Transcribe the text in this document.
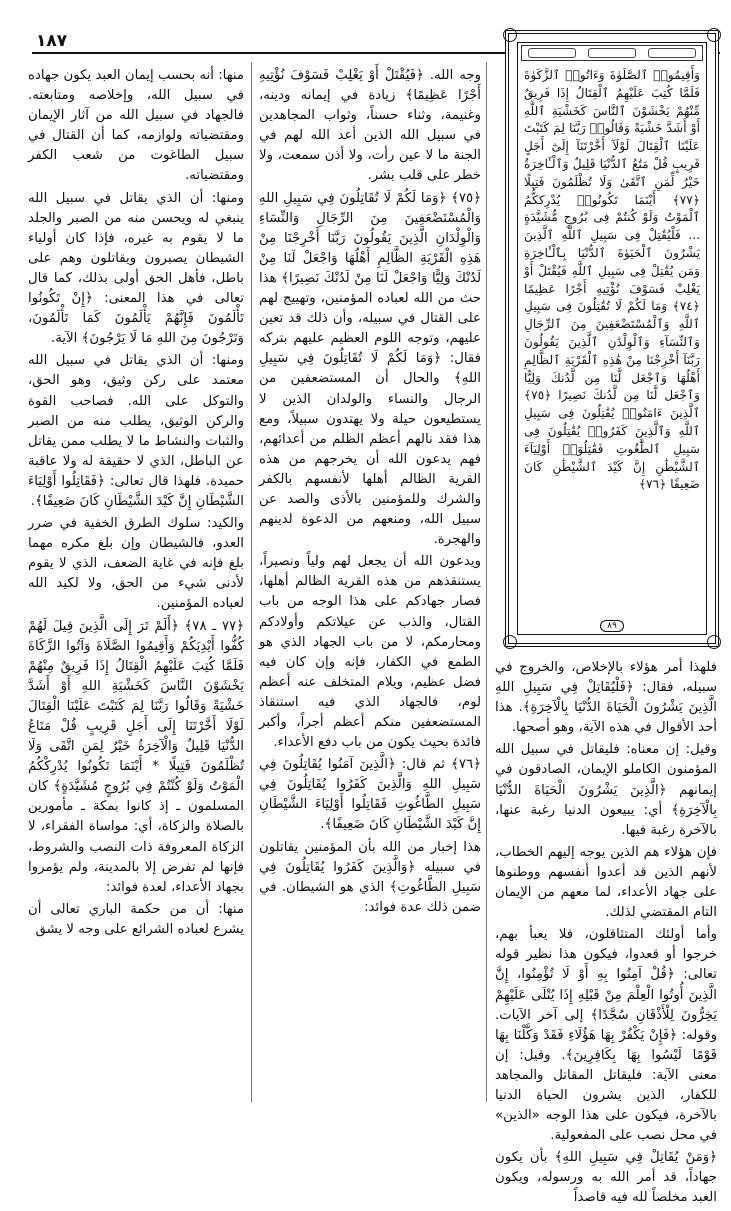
١٨٧
وَأَقِيمُوا۟ ٱلصَّلَوٰةَ وَءَاتُوا۟ ٱلزَّكَوٰةَ فَلَمَّا كُتِبَ عَلَيْهِمُ ٱلْقِتَالُ إِذَا فَرِيقٌ مِّنْهُمْ يَخْشَوْنَ ٱلنَّاسَ كَخَشْيَةِ ٱللَّهِ أَوْ أَشَدَّ خَشْيَةً وَقَالُوا۟ رَبَّنَا لِمَ كَتَبْتَ عَلَيْنَا ٱلْقِتَالَ لَوْلَآ أَخَّرْتَنَآ إِلَىٰٓ أَجَلٍ قَرِيبٍ قُلْ مَتَٰعُ ٱلدُّنْيَا قَلِيلٌ وَٱلْـَٔاخِرَةُ خَيْرٌ لِّمَنِ ٱتَّقَىٰ وَلَا تُظْلَمُونَ فَتِيلًا ﴿٧٧﴾ أَيْنَمَا تَكُونُوا۟ يُدْرِككُّمُ ٱلْمَوْتُ وَلَوْ كُنتُمْ فِى بُرُوجٍ مُّشَيَّدَةٍ ... فَلْيُقَٰتِلْ فِى سَبِيلِ ٱللَّهِ ٱلَّذِينَ يَشْرُونَ ٱلْحَيَوٰةَ ٱلدُّنْيَا بِٱلْـَٔاخِرَةِ وَمَن يُقَٰتِلْ فِى سَبِيلِ ٱللَّهِ فَيُقْتَلْ أَوْ يَغْلِبْ فَسَوْفَ نُؤْتِيهِ أَجْرًا عَظِيمًا ﴿٧٤﴾ وَمَا لَكُمْ لَا تُقَٰتِلُونَ فِى سَبِيلِ ٱللَّهِ وَٱلْمُسْتَضْعَفِينَ مِنَ ٱلرِّجَالِ وَٱلنِّسَآءِ وَٱلْوِلْدَٰنِ ٱلَّذِينَ يَقُولُونَ رَبَّنَآ أَخْرِجْنَا مِنْ هَٰذِهِ ٱلْقَرْيَةِ ٱلظَّالِمِ أَهْلُهَا وَٱجْعَل لَّنَا مِن لَّدُنكَ وَلِيًّا وَٱجْعَل لَّنَا مِن لَّدُنكَ نَصِيرًا ﴿٧٥﴾ ٱلَّذِينَ ءَامَنُوا۟ يُقَٰتِلُونَ فِى سَبِيلِ ٱللَّهِ وَٱلَّذِينَ كَفَرُوا۟ يُقَٰتِلُونَ فِى سَبِيلِ ٱلطَّٰغُوتِ فَقَٰتِلُوٓا۟ أَوْلِيَآءَ ٱلشَّيْطَٰنِ إِنَّ كَيْدَ ٱلشَّيْطَٰنِ كَانَ ضَعِيفًا ﴿٧٦﴾
٨٩

فلهذا أمر هؤلاء بالإخلاص، والخروج في سبيله، فقال: ﴿فَلْيُقَاتِلْ فِي سَبِيلِ اللهِ الَّذِينَ يَشْرُونَ الْحَيَاةَ الدُّنْيَا بِالْآخِرَةِ﴾. هذا أحد الأقوال في هذه الآية، وهو أصحها.

وقيل: إن معناه: فليقاتل في سبيل الله المؤمنون الكاملو الإيمان، الصادقون في إيمانهم ﴿الَّذِينَ يَشْرُونَ الْحَيَاةَ الدُّنْيَا بِالْآخِرَةِ﴾ أي: يبيعون الدنيا رغبة عنها، بالآخرة رغبة فيها.

فإن هؤلاء هم الذين يوجه إليهم الخطاب، لأنهم الذين قد أعدوا أنفسهم ووطنوها على جهاد الأعداء، لما معهم من الإيمان التام المقتضي لذلك.

وأما أولئك المتثاقلون، فلا يعبأ بهم، خرجوا أو قعدوا، فيكون هذا نظير قوله تعالى: ﴿قُلْ آمِنُوا بِهِ أَوْ لَا تُؤْمِنُوا، إِنَّ الَّذِينَ أُوتُوا الْعِلْمَ مِنْ قَبْلِهِ إِذَا يُتْلَى عَلَيْهِمْ يَخِرُّونَ لِلْأَذْقَانِ سُجَّدًا﴾ إلى آخر الآيات. وقوله: ﴿فَإِنْ يَكْفُرْ بِهَا هَؤُلَاءِ فَقَدْ وَكَّلْنَا بِهَا قَوْمًا لَيْسُوا بِهَا بِكَافِرِينَ﴾. وقيل: إن معنى الآية: فليقاتل المقاتل والمجاهد للكفار، الذين يشرون الحياة الدنيا بالآخرة، فيكون على هذا الوجه «الذين» في محل نصب على المفعولية.

﴿وَمَنْ يُقَاتِلْ فِي سَبِيلِ اللهِ﴾ بأن يكون جهاداً، قد أمر الله به ورسوله، ويكون العبد مخلصاً لله فيه قاصداً

وجه الله. ﴿فَيُقْتَلْ أَوْ يَغْلِبْ فَسَوْفَ نُؤْتِيهِ أَجْرًا عَظِيمًا﴾ زيادة في إيمانه ودينه، وغنيمة، وثناء حسناً، وثواب المجاهدين في سبيل الله الذين أعد الله لهم في الجنة ما لا عين رأت، ولا أذن سمعت، ولا خطر على قلب بشر.

﴿٧٥﴾ ﴿وَمَا لَكُمْ لَا تُقَاتِلُونَ فِي سَبِيلِ اللهِ وَالْمُسْتَضْعَفِينَ مِنَ الرِّجَالِ وَالنِّسَاءِ وَالْوِلْدَانِ الَّذِينَ يَقُولُونَ رَبَّنَا أَخْرِجْنَا مِنْ هَذِهِ الْقَرْيَةِ الظَّالِمِ أَهْلُهَا وَاجْعَلْ لَنَا مِنْ لَدُنْكَ وَلِيًّا وَاجْعَلْ لَنَا مِنْ لَدُنْكَ نَصِيرًا﴾ هذا حث من الله لعباده المؤمنين، وتهييج لهم على القتال في سبيله، وأن ذلك قد تعين عليهم، وتوجه اللوم العظيم عليهم بتركه فقال: ﴿وَمَا لَكُمْ لَا تُقَاتِلُونَ فِي سَبِيلِ اللهِ﴾ والحال أن المستضعفين من الرجال والنساء والولدان الذين لا يستطيعون حيلة ولا يهتدون سبيلاً، ومع هذا فقد نالهم أعظم الظلم من أعدائهم، فهم يدعون الله أن يخرجهم من هذه القرية الظالم أهلها لأنفسهم بالكفر والشرك وللمؤمنين بالأذى والصد عن سبيل الله، ومنعهم من الدعوة لدينهم والهجرة.

ويدعون الله أن يجعل لهم ولياً ونصيراً، يستنقذهم من هذه القرية الظالم أهلها، فصار جهادكم على هذا الوجه من باب القتال، والذب عن عيلاتكم وأولادكم ومحارمكم، لا من باب الجهاد الذي هو الطمع في الكفار، فإنه وإن كان فيه فضل عظيم، ويلام المتخلف عنه أعظم لوم، فالجهاد الذي فيه استنقاذ المستضعفين منكم أعظم أجراً، وأكبر فائدة بحيث يكون من باب دفع الأعداء.

﴿٧٦﴾ ثم قال: ﴿الَّذِينَ آمَنُوا يُقَاتِلُونَ فِي سَبِيلِ اللهِ وَالَّذِينَ كَفَرُوا يُقَاتِلُونَ فِي سَبِيلِ الطَّاغُوتِ فَقَاتِلُوا أَوْلِيَاءَ الشَّيْطَانِ إِنَّ كَيْدَ الشَّيْطَانِ كَانَ ضَعِيفًا﴾.

هذا إخبار من الله بأن المؤمنين يقاتلون في سبيله ﴿وَالَّذِينَ كَفَرُوا يُقَاتِلُونَ فِي سَبِيلِ الطَّاغُوتِ﴾ الذي هو الشيطان. في ضمن ذلك عدة فوائد:

منها: أنه بحسب إيمان العبد يكون جهاده في سبيل الله، وإخلاصه ومتابعته. فالجهاد في سبيل الله من آثار الإيمان ومقتضياته ولوازمه، كما أن القتال في سبيل الطاغوت من شعب الكفر ومقتضياته.

ومنها: أن الذي يقاتل في سبيل الله ينبغي له ويحسن منه من الصبر والجلد ما لا يقوم به غيره، فإذا كان أولياء الشيطان يصبرون ويقاتلون وهم على باطل، فأهل الحق أولى بذلك، كما قال تعالى في هذا المعنى: ﴿إِنْ تَكُونُوا تَأْلَمُونَ فَإِنَّهُمْ يَأْلَمُونَ كَمَا تَأْلَمُونَ، وَتَرْجُونَ مِنَ اللهِ مَا لَا يَرْجُونَ﴾ الآية.

ومنها: أن الذي يقاتل في سبيل الله معتمد على ركن وثيق، وهو الحق، والتوكل على الله. فصاحب القوة والركن الوثيق، يطلب منه من الصبر والثبات والنشاط ما لا يطلب ممن يقاتل عن الباطل، الذي لا حقيقة له ولا عاقبة حميدة. فلهذا قال تعالى: ﴿فَقَاتِلُوا أَوْلِيَاءَ الشَّيْطَانِ إِنَّ كَيْدَ الشَّيْطَانِ كَانَ ضَعِيفًا﴾.

والكيد: سلوك الطرق الخفية في ضرر العدو، فالشيطان وإن بلغ مكره مهما بلغ فإنه في غاية الضعف، الذي لا يقوم لأدنى شيء من الحق، ولا لكيد الله لعباده المؤمنين.

﴿٧٧ ـ ٧٨﴾ ﴿أَلَمْ تَرَ إِلَى الَّذِينَ قِيلَ لَهُمْ كُفُّوا أَيْدِيَكُمْ وَأَقِيمُوا الصَّلَاةَ وَآتُوا الزَّكَاةَ فَلَمَّا كُتِبَ عَلَيْهِمُ الْقِتَالُ إِذَا فَرِيقٌ مِنْهُمْ يَخْشَوْنَ النَّاسَ كَخَشْيَةِ اللهِ أَوْ أَشَدَّ خَشْيَةً وَقَالُوا رَبَّنَا لِمَ كَتَبْتَ عَلَيْنَا الْقِتَالَ لَوْلَا أَخَّرْتَنَا إِلَى أَجَلٍ قَرِيبٍ قُلْ مَتَاعُ الدُّنْيَا قَلِيلٌ وَالْآخِرَةُ خَيْرٌ لِمَنِ اتَّقَى وَلَا تُظْلَمُونَ فَتِيلًا * أَيْنَمَا تَكُونُوا يُدْرِكْكُمُ الْمَوْتُ وَلَوْ كُنْتُمْ فِي بُرُوجٍ مُشَيَّدَةٍ﴾ كان المسلمون ـ إذ كانوا بمكة ـ مأمورين بالصلاة والزكاة، أي: مواساة الفقراء، لا الزكاة المعروفة ذات النصب والشروط، فإنها لم تفرض إلا بالمدينة، ولم يؤمروا بجهاد الأعداء، لعدة فوائد:

منها: أن من حكمة الباري تعالى أن يشرع لعباده الشرائع على وجه لا يشق
